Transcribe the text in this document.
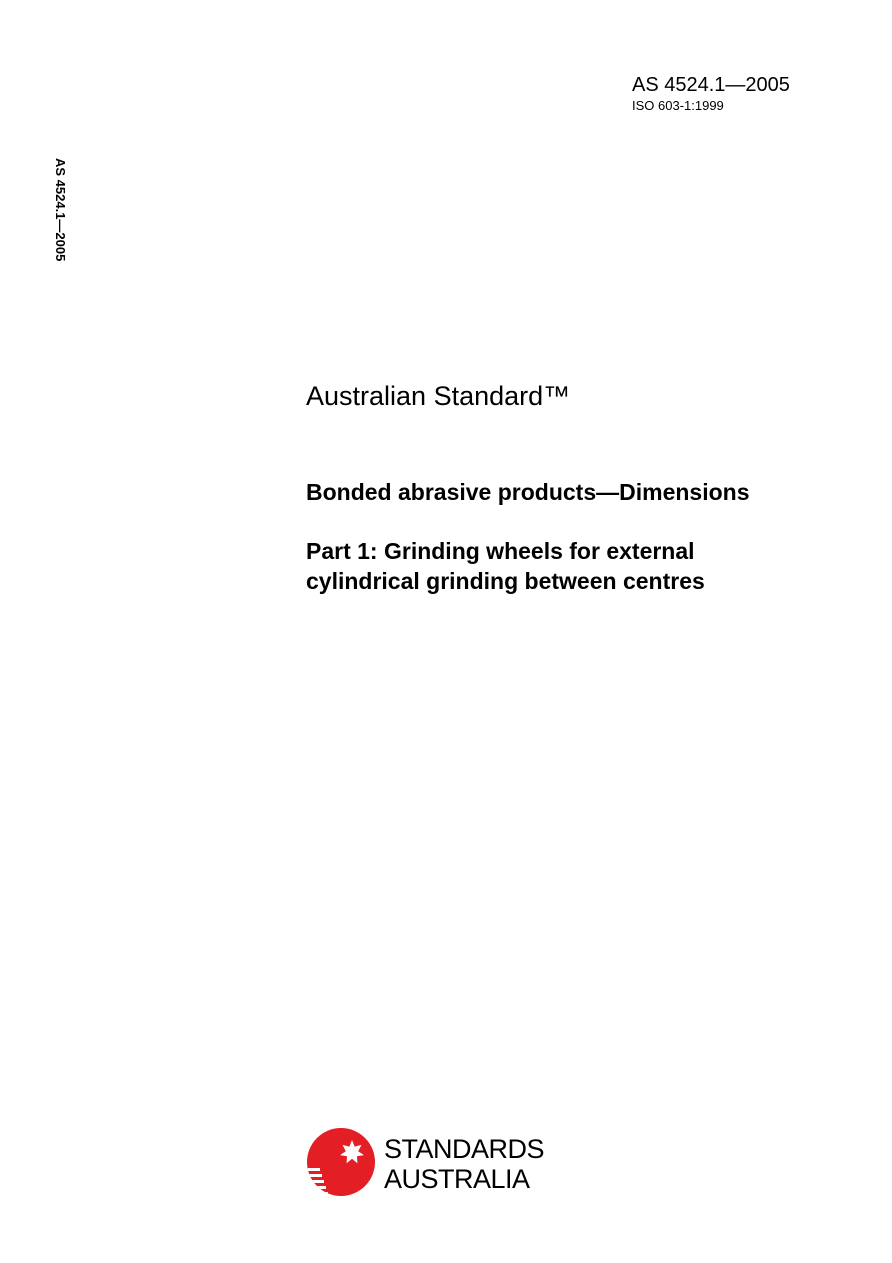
AS 4524.1—2005
ISO 603-1:1999
AS 4524.1—2005
Australian Standard™
Bonded abrasive products—Dimensions
Part 1: Grinding wheels for external
cylindrical grinding between centres
STANDARDS
AUSTRALIA
